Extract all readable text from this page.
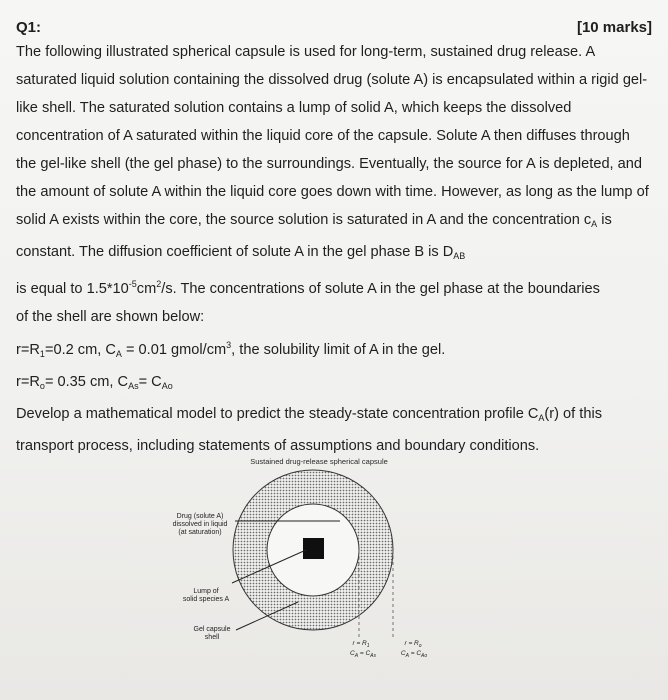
Q1:	[10 marks]

The following illustrated spherical capsule is used for long-term, sustained drug release. A saturated liquid solution containing the dissolved drug (solute A) is encapsulated within a rigid gel-like shell. The saturated solution contains a lump of solid A, which keeps the dissolved concentration of A saturated within the liquid core of the capsule. Solute A then diffuses through the gel-like shell (the gel phase) to the surroundings. Eventually, the source for A is depleted, and the amount of solute A within the liquid core goes down with time. However, as long as the lump of solid A exists within the core, the source solution is saturated in A and the concentration $c_A$ is constant. The diffusion coefficient of solute A in the gel phase B is $D_{AB}$

is equal to $1.5*10^{-5}cm^2/s$. The concentrations of solute A in the gel phase at the boundaries
of the shell are shown below:
$r=R_1=0.2$ cm, $C_A = 0.01$ gmol/$cm^3$, the solubility limit of A in the gel.
$r=R_o= 0.35$ cm, $C_{As}= C_{Ao}$
Develop a mathematical model to predict the steady-state concentration profile $C_A(r)$ of this
transport process, including statements of assumptions and boundary conditions.
Sustained drug-release spherical capsule
Drug (solute A)
dissolved in liquid
(at saturation)
Lump of
solid species A
Gel capsule
shell
$r = R_1$
$C_A = C_{As}$
$r = R_o$
$C_A = C_{Ao}$
